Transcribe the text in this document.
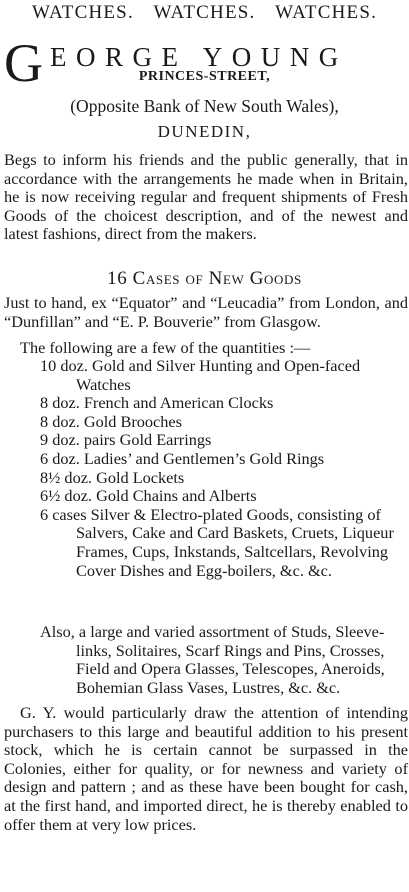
WATCHES. WATCHES. WATCHES.
G EORGE YOUNG
PRINCES-STREET,
(Opposite Bank of New South Wales),
DUNEDIN,
Begs to inform his friends and the public generally, that in accordance with the arrangements he made when in Britain, he is now receiving regular and frequent shipments of Fresh Goods of the choicest description, and of the newest and latest fashions, direct from the makers.
16 Cases of New Goods
Just to hand, ex “Equator” and “Leucadia” from London, and “Dunfillan” and “E. P. Bouverie” from Glasgow.
The following are a few of the quantities :—
10 doz. Gold and Silver Hunting and Open-faced Watches
8 doz. French and American Clocks
8 doz. Gold Brooches
9 doz. pairs Gold Earrings
6 doz. Ladies’ and Gentlemen’s Gold Rings
8½ doz. Gold Lockets
6½ doz. Gold Chains and Alberts
6 cases Silver & Electro-plated Goods, consisting of Salvers, Cake and Card Baskets, Cruets, Liqueur Frames, Cups, Inkstands, Saltcellars, Revolving Cover Dishes and Egg-boilers, &c. &c.
Also, a large and varied assortment of Studs, Sleeve-links, Solitaires, Scarf Rings and Pins, Crosses, Field and Opera Glasses, Telescopes, Aneroids, Bohemian Glass Vases, Lustres, &c. &c.
G. Y. would particularly draw the attention of intending purchasers to this large and beautiful addition to his present stock, which he is certain cannot be surpassed in the Colonies, either for quality, or for newness and variety of design and pattern ; and as these have been bought for cash, at the first hand, and imported direct, he is thereby enabled to offer them at very low prices.
